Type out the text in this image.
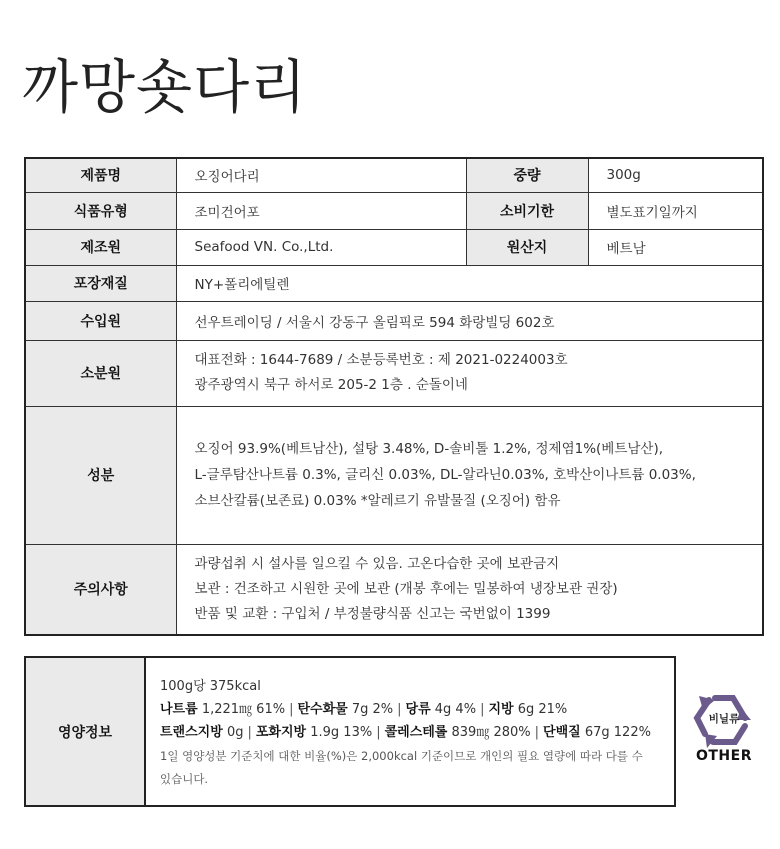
까망숏다리
제품명	오징어다리	중량	300g
식품유형	조미건어포	소비기한	별도표기일까지
제조원	Seafood VN. Co.,Ltd.	원산지	베트남
포장재질	NY+폴리에틸렌		
수입원	선우트레이딩 / 서울시 강동구 올림픽로 594 화랑빌딩 602호		
소분원	대표전화 : 1644-7689 / 소분등록번호 : 제 2021-0224003호
광주광역시 북구 하서로 205-2 1층 . 순돌이네		

성분	오징어 93.9%(베트남산), 설탕 3.48%, D-솔비톨 1.2%, 정제염1%(베트남산),
L-글루탐산나트륨 0.3%, 글리신 0.03%, DL-알라닌0.03%, 호박산이나트륨 0.03%,
소브산칼륨(보존료) 0.03% *알레르기 유발물질 (오징어) 함유		

주의사항	과량섭취 시 설사를 일으킬 수 있음. 고온다습한 곳에 보관금지
보관 : 건조하고 시원한 곳에 보관 (개봉 후에는 밀봉하여 냉장보관 권장)
반품 및 교환 : 구입처 / 부정불량식품 신고는 국번없이 1399		
영양정보	
100g당 375kcal
나트륨 1,221㎎ 61% | 탄수화물 7g 2% | 당류 4g 4% | 지방 6g 21%
트랜스지방 0g | 포화지방 1.9g 13% | 콜레스테롤 839㎎ 280% | 단백질 67g 122%
1일 영양성분 기준치에 대한 비율(%)은 2,000kcal 기준이므로 개인의 필요 열량에 따라 다를 수
있습니다.
비닐류
OTHER
